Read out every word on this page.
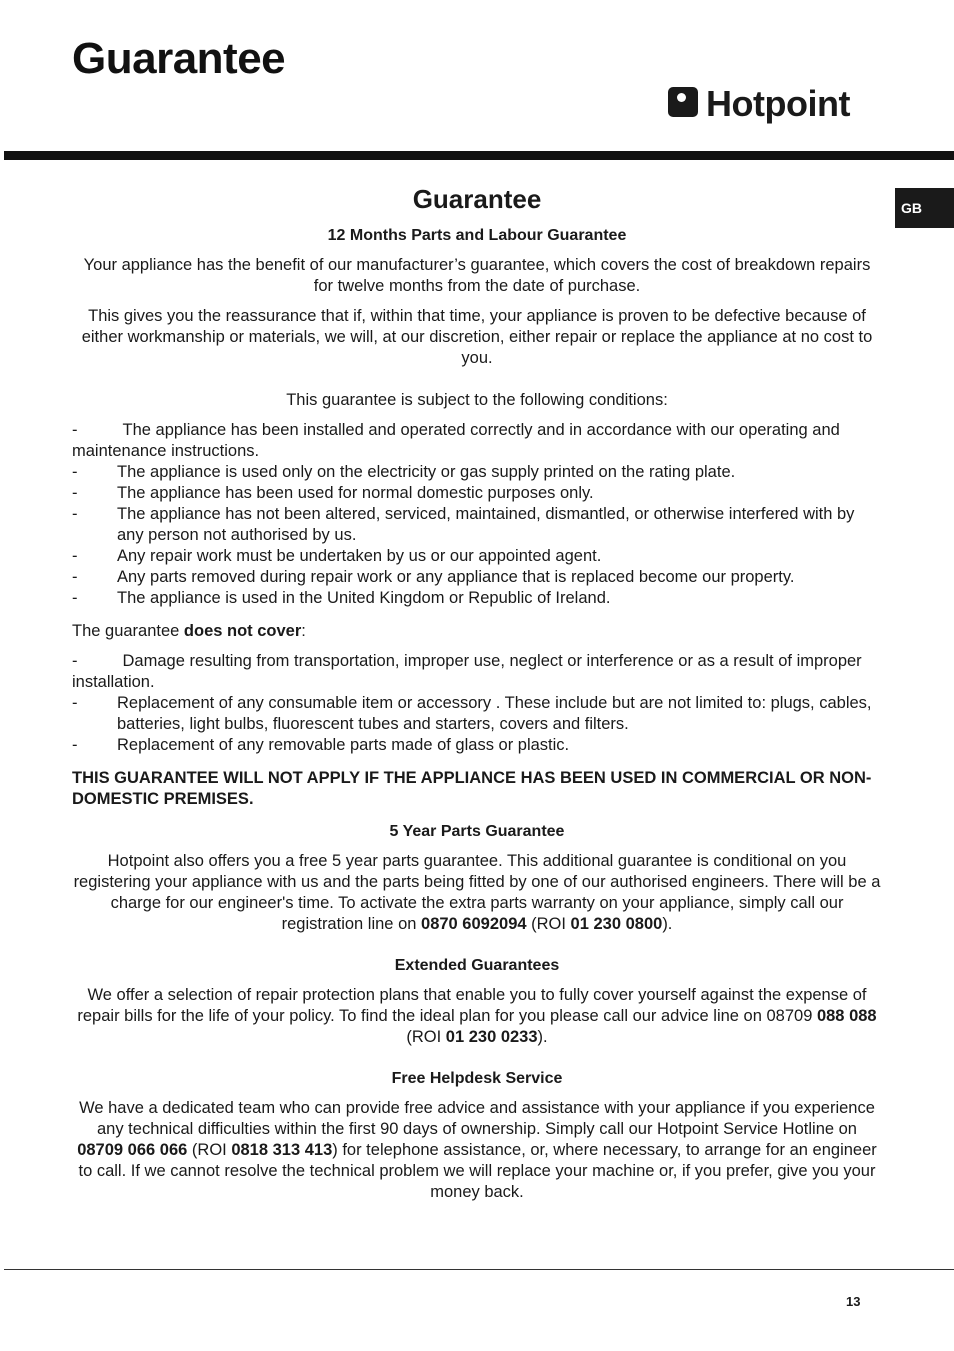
Guarantee
Hotpoint
GB
Guarantee
12 Months Parts and Labour Guarantee

Your appliance has the benefit of our manufacturer’s guarantee, which covers the cost of breakdown repairs for twelve months from the date of purchase.

This gives you the reassurance that if, within that time, your appliance is proven to be defective because of either workmanship or materials, we will, at our discretion, either repair or replace the appliance at no cost to you.

This guarantee is subject to the following conditions:

- The appliance has been installed and operated correctly and in accordance with our operating and maintenance instructions.
- The appliance is used only on the electricity or gas supply printed on the rating plate.
- The appliance has been used for normal domestic purposes only.
- The appliance has not been altered, serviced, maintained, dismantled, or otherwise interfered with by any person not authorised by us.
- Any repair work must be undertaken by us or our appointed agent.
- Any parts removed during repair work or any appliance that is replaced become our property.
- The appliance is used in the United Kingdom or Republic of Ireland.

The guarantee does not cover:

- Damage resulting from transportation, improper use, neglect or interference or as a result of improper installation.
- Replacement of any consumable item or accessory . These include but are not limited to: plugs, cables, batteries, light bulbs, fluorescent tubes and starters, covers and filters.
- Replacement of any removable parts made of glass or plastic.

THIS GUARANTEE WILL NOT APPLY IF THE APPLIANCE HAS BEEN USED IN COMMERCIAL OR NON-DOMESTIC PREMISES.

5 Year Parts Guarantee

Hotpoint also offers you a free 5 year parts guarantee. This additional guarantee is conditional on you registering your appliance with us and the parts being fitted by one of our authorised engineers. There will be a charge for our engineer's time. To activate the extra parts warranty on your appliance, simply call our registration line on 0870 6092094 (ROI 01 230 0800).

Extended Guarantees

We offer a selection of repair protection plans that enable you to fully cover yourself against the expense of repair bills for the life of your policy. To find the ideal plan for you please call our advice line on 08709 088 088 (ROI 01 230 0233).

Free Helpdesk Service

We have a dedicated team who can provide free advice and assistance with your appliance if you experience any technical difficulties within the first 90 days of ownership. Simply call our Hotpoint Service Hotline on 08709 066 066 (ROI 0818 313 413) for telephone assistance, or, where necessary, to arrange for an engineer to call. If we cannot resolve the technical problem we will replace your machine or, if you prefer, give you your money back.

13
